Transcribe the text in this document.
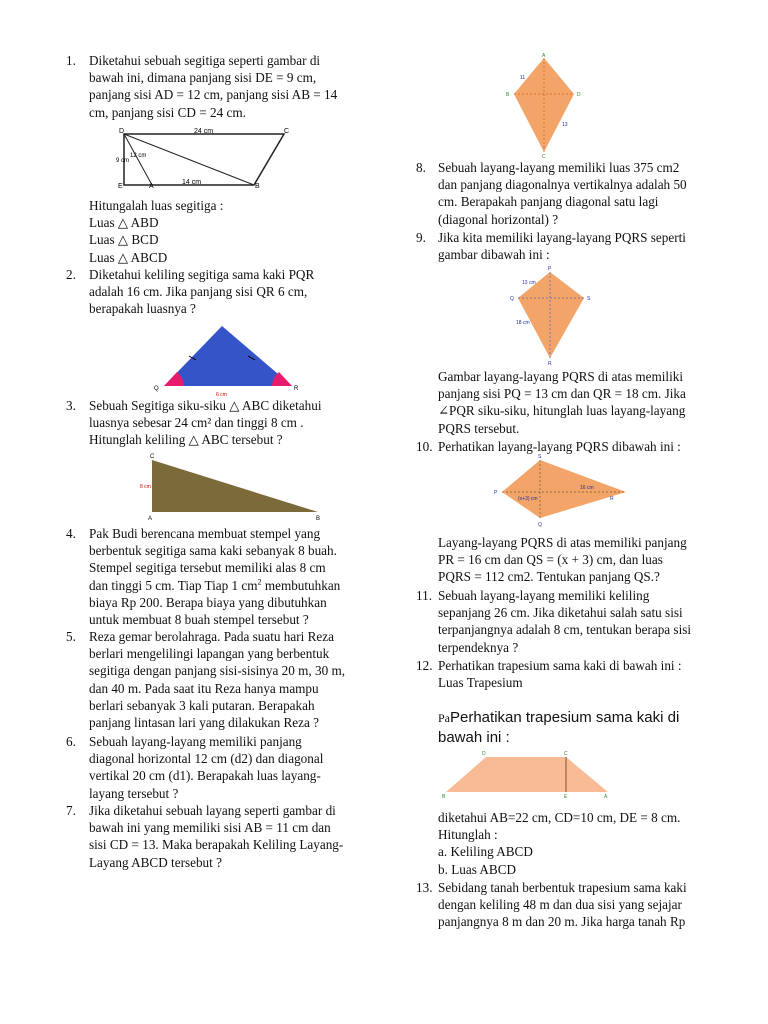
1. Diketahui sebuah segitiga seperti gambar di
bawah ini, dimana panjang sisi DE = 9 cm,
panjang sisi AD = 12 cm, panjang sisi AB = 14
cm, panjang sisi CD = 24 cm.
D	C
E	A	B
24 cm
9 cm
12 cm
14 cm
Hitungalah luas segitiga :
Luas △ ABD
Luas △ BCD
Luas △ ABCD
2. Diketahui keliling segitiga sama kaki PQR
adalah 16 cm. Jika panjang sisi QR 6 cm,
berapakah luasnya ?
Q	R
6 cm
3. Sebuah Segitiga siku-siku △ ABC diketahui
luasnya sebesar 24 cm² dan tinggi 8 cm .
Hitunglah keliling △ ABC tersebut ?
C
A	B
8 cm
4. Pak Budi berencana membuat stempel yang
berbentuk segitiga sama kaki sebanyak 8 buah.
Stempel segitiga tersebut memiliki alas 8 cm
dan tinggi 5 cm. Tiap Tiap 1 $cm^2$ membutuhkan
biaya Rp 200. Berapa biaya yang dibutuhkan
untuk membuat 8 buah stempel tersebut ?
5. Reza gemar berolahraga. Pada suatu hari Reza
berlari mengelilingi lapangan yang berbentuk
segitiga dengan panjang sisi-sisinya 20 m, 30 m,
dan 40 m. Pada saat itu Reza hanya mampu
berlari sebanyak 3 kali putaran. Berapakah
panjang lintasan lari yang dilakukan Reza ?
6. Sebuah layang-layang memiliki panjang
diagonal horizontal 12 cm (d2) dan diagonal
vertikal 20 cm (d1). Berapakah luas layang-
layang tersebut ?
7. Jika diketahui sebuah layang seperti gambar di
bawah ini yang memiliki sisi AB = 11 cm dan
sisi CD = 13. Maka berapakah Keliling Layang-
Layang ABCD tersebut ?
A
B
C
D
11
13
8. Sebuah layang-layang memiliki luas 375 cm2
dan panjang diagonalnya vertikalnya adalah 50
cm. Berapakah panjang diagonal satu lagi
(diagonal horizontal) ?
9. Jika kita memiliki layang-layang PQRS seperti
gambar dibawah ini :
P
Q
R
S
13 cm
18 cm
Gambar layang-layang PQRS di atas memiliki
panjang sisi PQ = 13 cm dan QR = 18 cm. Jika
∠PQR siku-siku, hitunglah luas layang-layang
PQRS tersebut.
10. Perhatikan layang-layang PQRS dibawah ini :
P
S
Q
R
16 cm
(x+3) cm
Layang-layang PQRS di atas memiliki panjang
PR = 16 cm dan QS = (x + 3) cm, dan luas
PQRS = 112 cm2. Tentukan panjang QS.?
11. Sebuah layang-layang memiliki keliling
sepanjang 26 cm. Jika diketahui salah satu sisi
terpanjangnya adalah 8 cm, tentukan berapa sisi
terpendeknya ?
12. Perhatikan trapesium sama kaki di bawah ini :
Luas Trapesium
PaPerhatikan trapesium sama kaki di
bawah ini :
D	C
B	E	A
diketahui AB=22 cm, CD=10 cm, DE = 8 cm.
Hitunglah :
a. Keliling ABCD
b. Luas ABCD
13. Sebidang tanah berbentuk trapesium sama kaki
dengan keliling 48 m dan dua sisi yang sejajar
panjangnya 8 m dan 20 m. Jika harga tanah Rp
